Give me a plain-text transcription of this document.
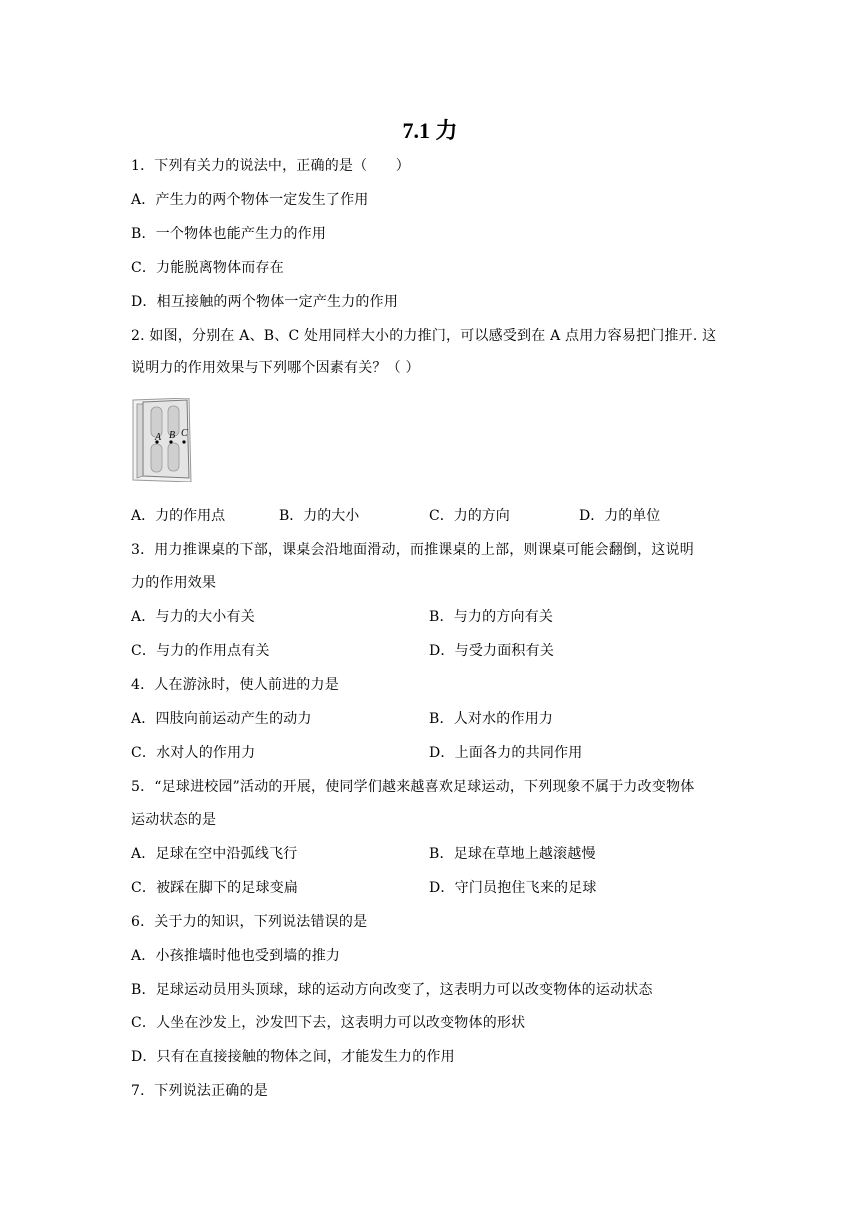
7.1 力
1．下列有关力的说法中，正确的是（　　）
A．产生力的两个物体一定发生了作用
B．一个物体也能产生力的作用
C．力能脱离物体而存在
D．相互接触的两个物体一定产生力的作用
2. 如图，分别在 A、B、C 处用同样大小的力推门，可以感受到在 A 点用力容易把门推开. 这
说明力的作用效果与下列哪个因素有关？（ ）
A B C
A．力的作用点	B．力的大小	C．力的方向	D．力的单位
3．用力推课桌的下部，课桌会沿地面滑动，而推课桌的上部，则课桌可能会翻倒，这说明
力的作用效果
A．与力的大小有关	B．与力的方向有关
C．与力的作用点有关	D．与受力面积有关
4．人在游泳时，使人前进的力是
A．四肢向前运动产生的动力	B．人对水的作用力
C．水对人的作用力	D．上面各力的共同作用
5．“足球进校园”活动的开展，使同学们越来越喜欢足球运动，下列现象不属于力改变物体
运动状态的是
A．足球在空中沿弧线飞行	B．足球在草地上越滚越慢
C．被踩在脚下的足球变扁	D．守门员抱住飞来的足球
6．关于力的知识，下列说法错误的是
A．小孩推墙时他也受到墙的推力
B．足球运动员用头顶球，球的运动方向改变了，这表明力可以改变物体的运动状态
C．人坐在沙发上，沙发凹下去，这表明力可以改变物体的形状
D．只有在直接接触的物体之间，才能发生力的作用
7．下列说法正确的是
